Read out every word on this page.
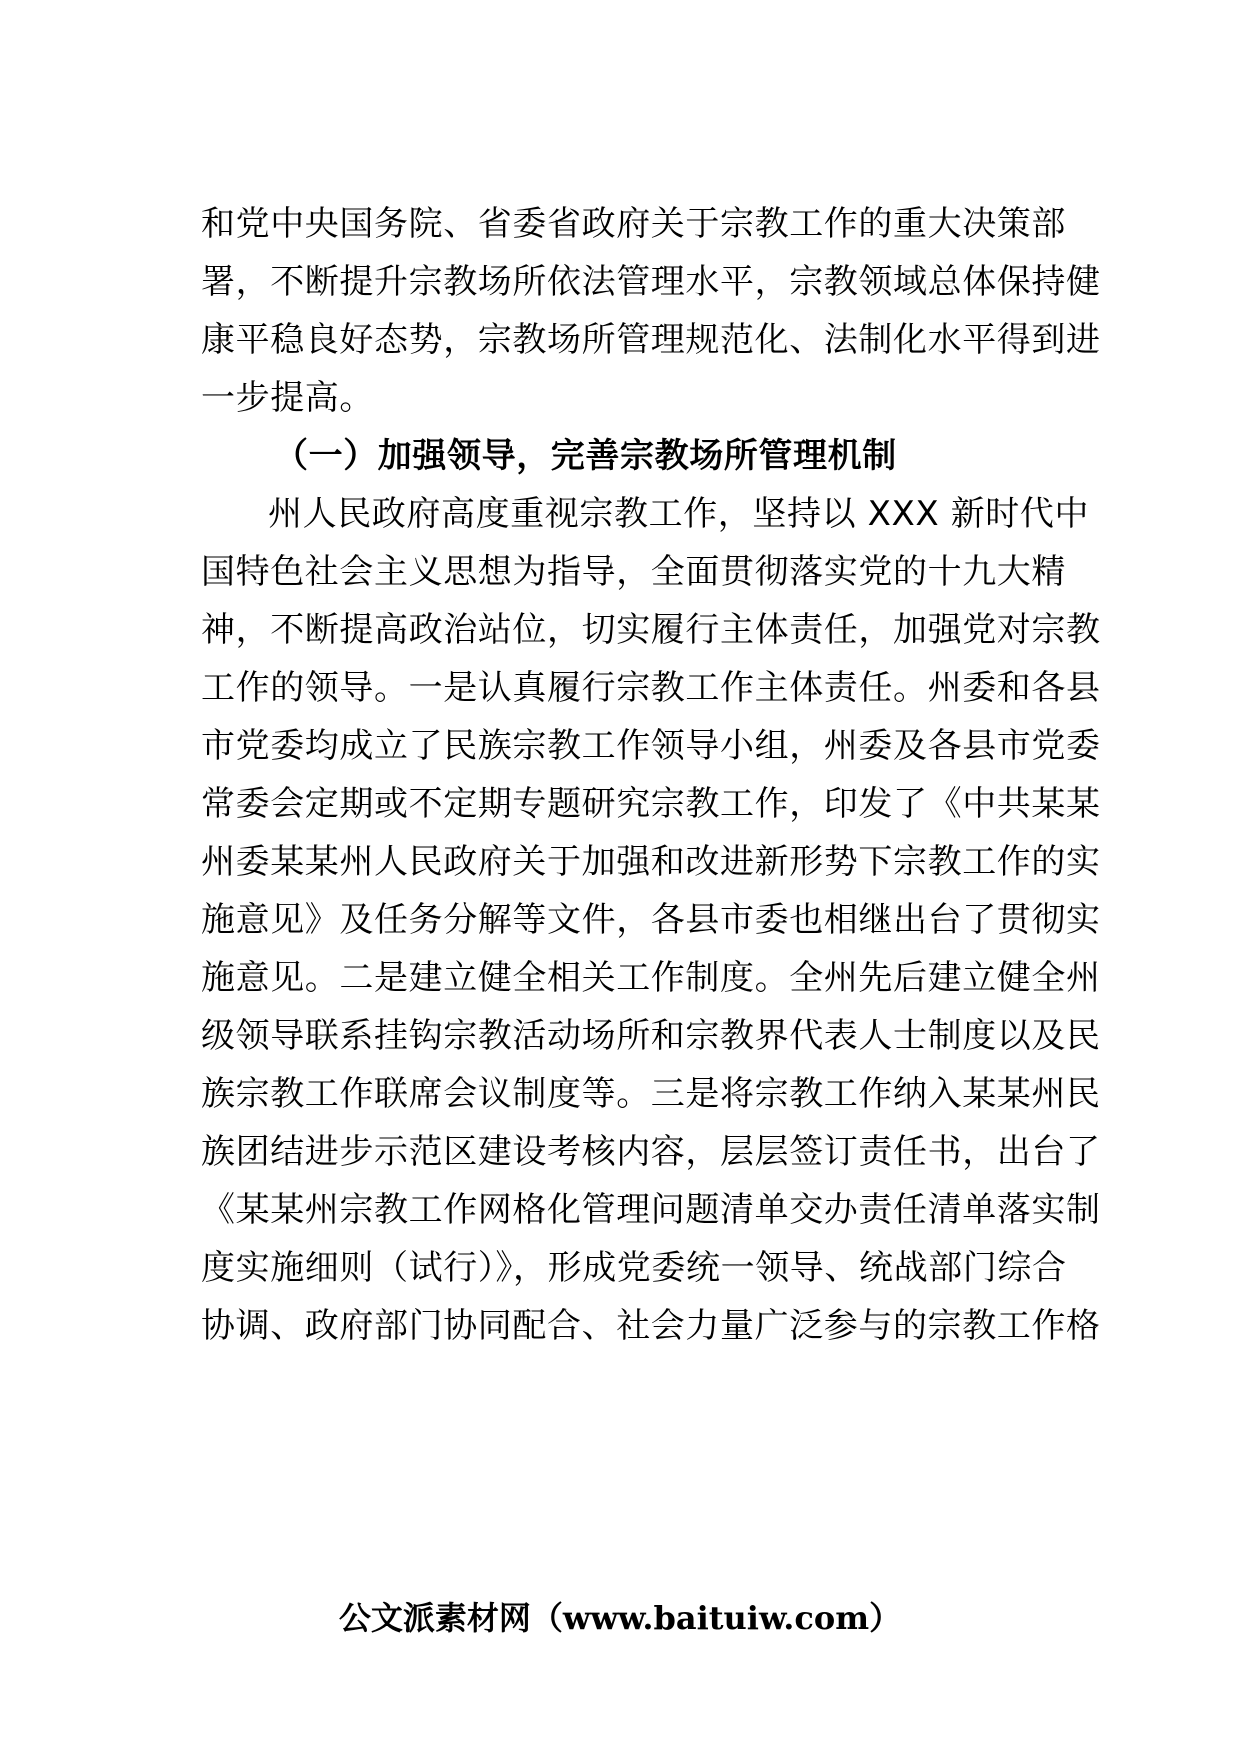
和党中央国务院、省委省政府关于宗教工作的重大决策部
署，不断提升宗教场所依法管理水平，宗教领域总体保持健
康平稳良好态势，宗教场所管理规范化、法制化水平得到进
一步提高。
（一）加强领导，完善宗教场所管理机制
州人民政府高度重视宗教工作，坚持以 XXX 新时代中
国特色社会主义思想为指导，全面贯彻落实党的十九大精
神，不断提高政治站位，切实履行主体责任，加强党对宗教
工作的领导。一是认真履行宗教工作主体责任。州委和各县
市党委均成立了民族宗教工作领导小组，州委及各县市党委
常委会定期或不定期专题研究宗教工作，印发了《中共某某
州委某某州人民政府关于加强和改进新形势下宗教工作的实
施意见》及任务分解等文件，各县市委也相继出台了贯彻实
施意见。二是建立健全相关工作制度。全州先后建立健全州
级领导联系挂钩宗教活动场所和宗教界代表人士制度以及民
族宗教工作联席会议制度等。三是将宗教工作纳入某某州民
族团结进步示范区建设考核内容，层层签订责任书，出台了
《某某州宗教工作网格化管理问题清单交办责任清单落实制
度实施细则（试行）》，形成党委统一领导、统战部门综合
协调、政府部门协同配合、社会力量广泛参与的宗教工作格
公文派素材网（www.baituiw.com）
